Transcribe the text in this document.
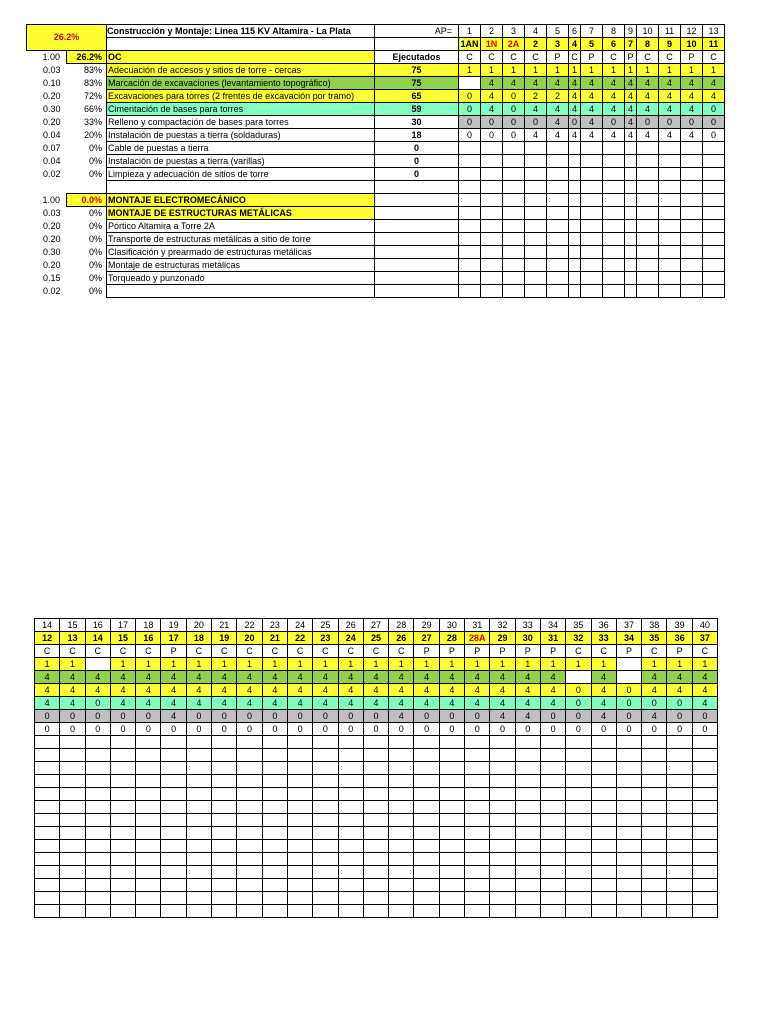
26.2%		Construcción y Montaje: Linea 115 KV Altamira - La Plata	AP=	1	2	3	4	5	6	7	8	9	10	11	12	13
				1AN	1N	2A	2	3	4	5	6	7	8	9	10	11
1.00	26.2%	OC	Ejecutados	C	C	C	C	P	C	P	C	P	C	C	P	C
0.03	83%	Adecuación de accesos y sitios de torre - cercas	75	1	1	1	1	1	1	1	1	1	1	1	1	1
0.10	83%	Marcación de excavaciones (levantamiento topográfico)	75		4	4	4	4	4	4	4	4	4	4	4	4
0.20	72%	Excavaciones para torres (2 frentes de excavación por tramo)	65	0	4	0	2	2	4	4	4	4	4	4	4	4
0.30	66%	Cimentación de bases para torres	59	0	4	0	4	4	4	4	4	4	4	4	4	0
0.20	33%	Relleno y compactación de bases para torres	30	0	0	0	0	4	0	4	0	4	0	0	0	0
0.04	20%	Instalación de puestas a tierra (soldaduras)	18	0	0	0	4	4	4	4	4	4	4	4	4	0
0.07	0%	Cable de puestas a tierra	0													
0.04	0%	Instalación de puestas a tierra (varillas)	0													
0.02	0%	Limpieza y adecuación de sitios de torre	0													

1.00	0.0%	MONTAJE ELECTROMECÁNICO														
0.03	0%	MONTAJE DE ESTRUCTURAS METÁLICAS														
0.20	0%	Pórtico Altamira a Torre 2A														
0.20	0%	Transporte de estructuras metálicas a sitio de torre														
0.30	0%	Clasificación y prearmado de estructuras metálicas														
0.20	0%	Montaje de estructuras metálicas														
0.15	0%	Torqueado y punzonado														
0.02	0%															
14	15	16	17	18	19	20	21	22	23	24	25	26	27	28	29	30	31	32	33	34	35	36	37	38	39	40
12	13	14	15	16	17	18	19	20	21	22	23	24	25	26	27	28	28A	29	30	31	32	33	34	35	36	37
C	C	C	C	C	P	C	C	C	C	C	C	C	C	C	P	P	P	P	P	P	C	C	P	C	P	C
1	1		1	1	1	1	1	1	1	1	1	1	1	1	1	1	1	1	1	1	1	1		1	1	1
4	4	4	4	4	4	4	4	4	4	4	4	4	4	4	4	4	4	4	4	4		4		4	4	4
4	4	4	4	4	4	4	4	4	4	4	4	4	4	4	4	4	4	4	4	4	0	4	0	4	4	4
4	4	0	4	4	4	4	4	4	4	4	4	4	4	4	4	4	4	4	4	4	0	4	0	0	0	4
0	0	0	0	0	4	0	0	0	0	0	0	0	0	4	0	0	0	4	4	0	0	4	0	4	0	0
0	0	0	0	0	0	0	0	0	0	0	0	0	0	0	0	0	0	0	0	0	0	0	0	0	0	0
